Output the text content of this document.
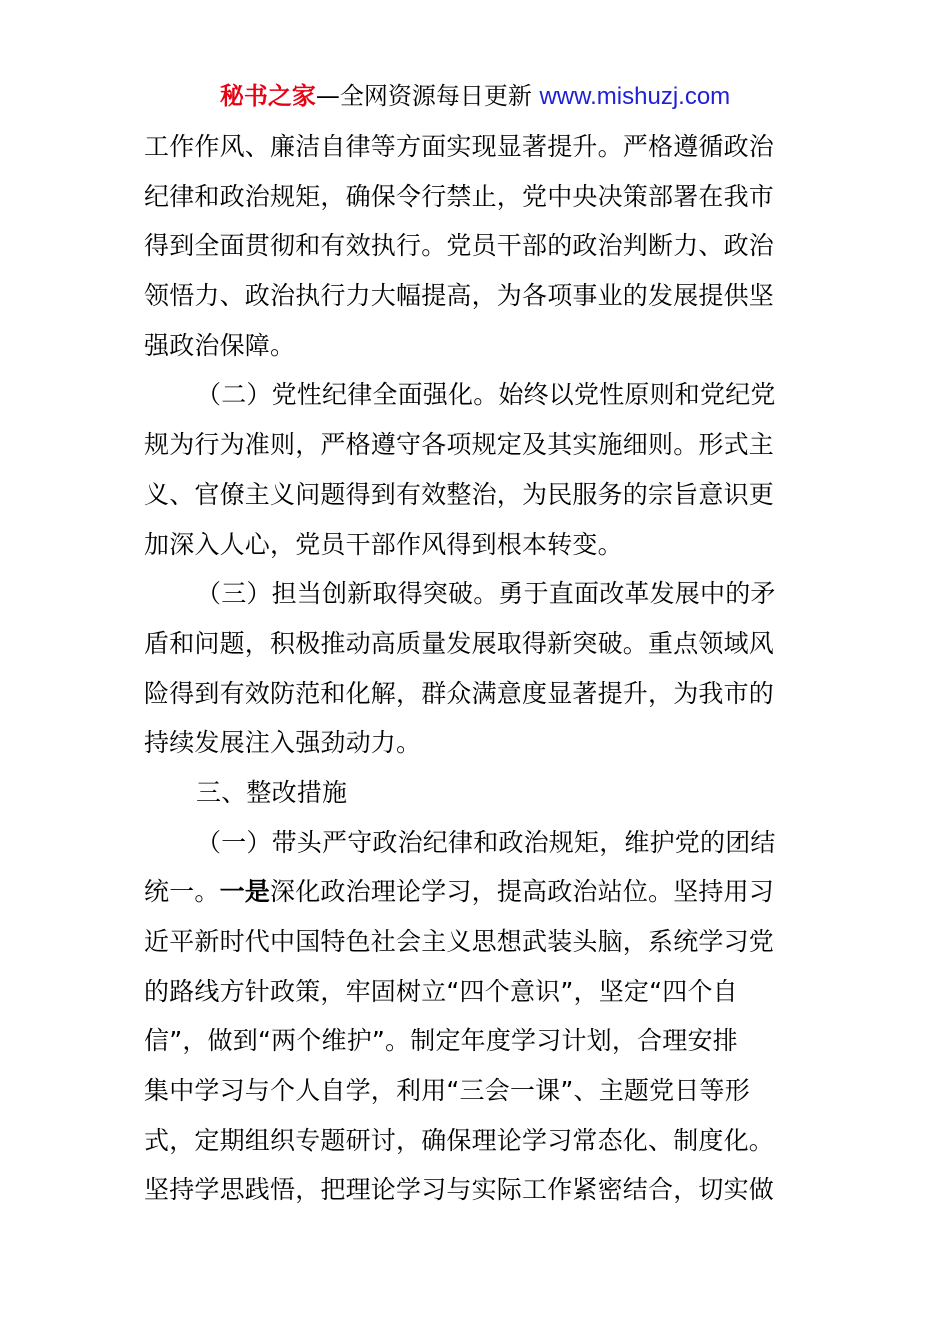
秘书之家—全网资源每日更新 www.mishuzj.com
工作作风、廉洁自律等方面实现显著提升。严格遵循政治
纪律和政治规矩，确保令行禁止，党中央决策部署在我市
得到全面贯彻和有效执行。党员干部的政治判断力、政治
领悟力、政治执行力大幅提高，为各项事业的发展提供坚
强政治保障。
（二）党性纪律全面强化。始终以党性原则和党纪党
规为行为准则，严格遵守各项规定及其实施细则。形式主
义、官僚主义问题得到有效整治，为民服务的宗旨意识更
加深入人心，党员干部作风得到根本转变。
（三）担当创新取得突破。勇于直面改革发展中的矛
盾和问题，积极推动高质量发展取得新突破。重点领域风
险得到有效防范和化解，群众满意度显著提升，为我市的
持续发展注入强劲动力。
三、整改措施
（一）带头严守政治纪律和政治规矩，维护党的团结
统一。一是深化政治理论学习，提高政治站位。坚持用习
近平新时代中国特色社会主义思想武装头脑，系统学习党
的路线方针政策，牢固树立“四个意识”，坚定“四个自
信”，做到“两个维护”。制定年度学习计划，合理安排
集中学习与个人自学，利用“三会一课”、主题党日等形
式，定期组织专题研讨，确保理论学习常态化、制度化。
坚持学思践悟，把理论学习与实际工作紧密结合，切实做
